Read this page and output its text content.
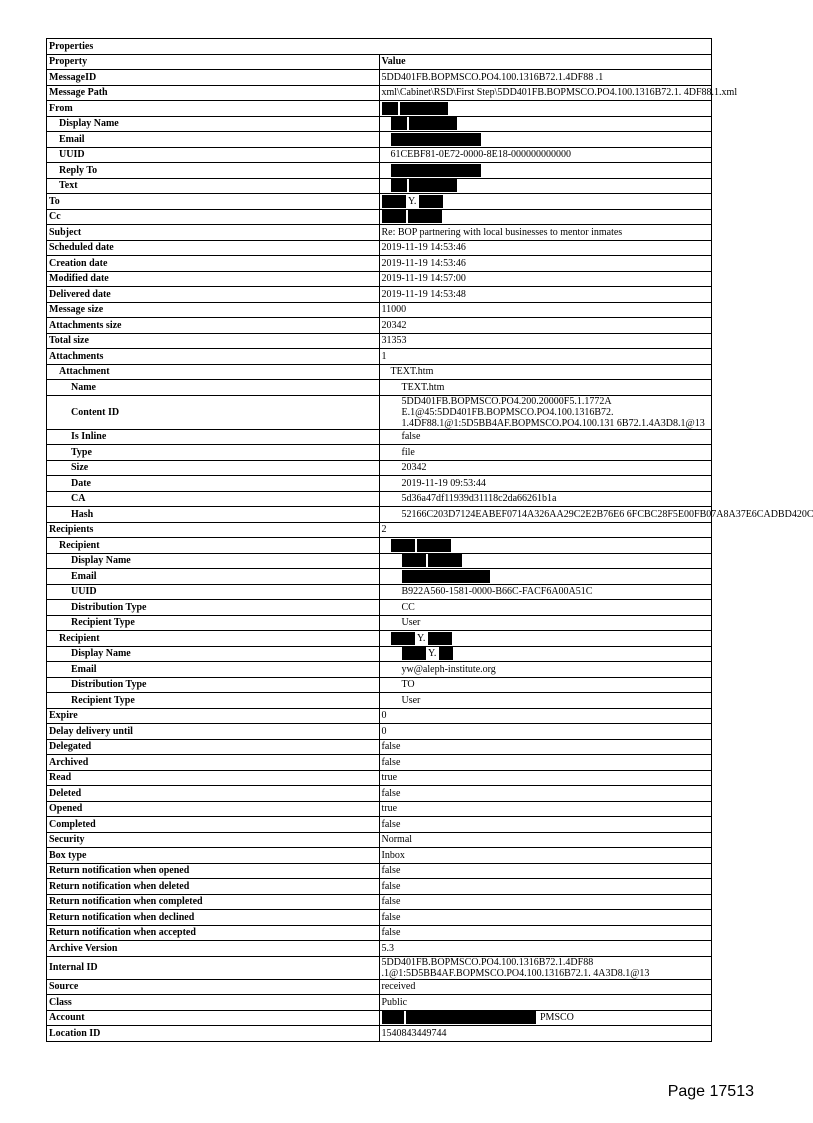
Properties	
Property	Value
MessageID	5DD401FB.BOPMSCO.PO4.100.1316B72.1.4DF88 .1
Message Path	xml\Cabinet\RSD\First Step\5DD401FB.BOPMSCO.PO4.100.1316B72.1. 4DF88.1.xml
From	
Display Name	
Email	
UUID	61CEBF81-0E72-0000-8E18-000000000000
Reply To	
Text	
To	Y.
Cc	
Subject	Re: BOP partnering with local businesses to mentor inmates
Scheduled date	2019-11-19 14:53:46
Creation date	2019-11-19 14:53:46
Modified date	2019-11-19 14:57:00
Delivered date	2019-11-19 14:53:48
Message size	11000
Attachments size	20342
Total size	31353
Attachments	1
Attachment	TEXT.htm
Name	TEXT.htm
Content ID	5DD401FB.BOPMSCO.PO4.200.20000F5.1.1772A E.1@45:5DD401FB.BOPMSCO.PO4.100.1316B72. 1.4DF88.1@1:5D5BB4AF.BOPMSCO.PO4.100.131 6B72.1.4A3D8.1@13
Is Inline	false
Type	file
Size	20342
Date	2019-11-19 09:53:44
CA	5d36a47df11939d31118c2da66261b1a
Hash	52166C203D7124EABEF0714A326AA29C2E2B76E6 6FCBC28F5E00FB07A8A37E6CADBD420C
Recipients	2
Recipient	
Display Name	
Email	
UUID	B922A560-1581-0000-B66C-FACF6A00A51C
Distribution Type	CC
Recipient Type	User
Recipient	Y.
Display Name	Y.
Email	yw@aleph-institute.org
Distribution Type	TO
Recipient Type	User
Expire	0
Delay delivery until	0
Delegated	false
Archived	false
Read	true
Deleted	false
Opened	true
Completed	false
Security	Normal
Box type	Inbox
Return notification when opened	false
Return notification when deleted	false
Return notification when completed	false
Return notification when declined	false
Return notification when accepted	false
Archive Version	5.3
Internal ID	5DD401FB.BOPMSCO.PO4.100.1316B72.1.4DF88 .1@1:5D5BB4AF.BOPMSCO.PO4.100.1316B72.1. 4A3D8.1@13
Source	received
Class	Public
Account	PMSCO
Location ID	1540843449744
Page 17513
